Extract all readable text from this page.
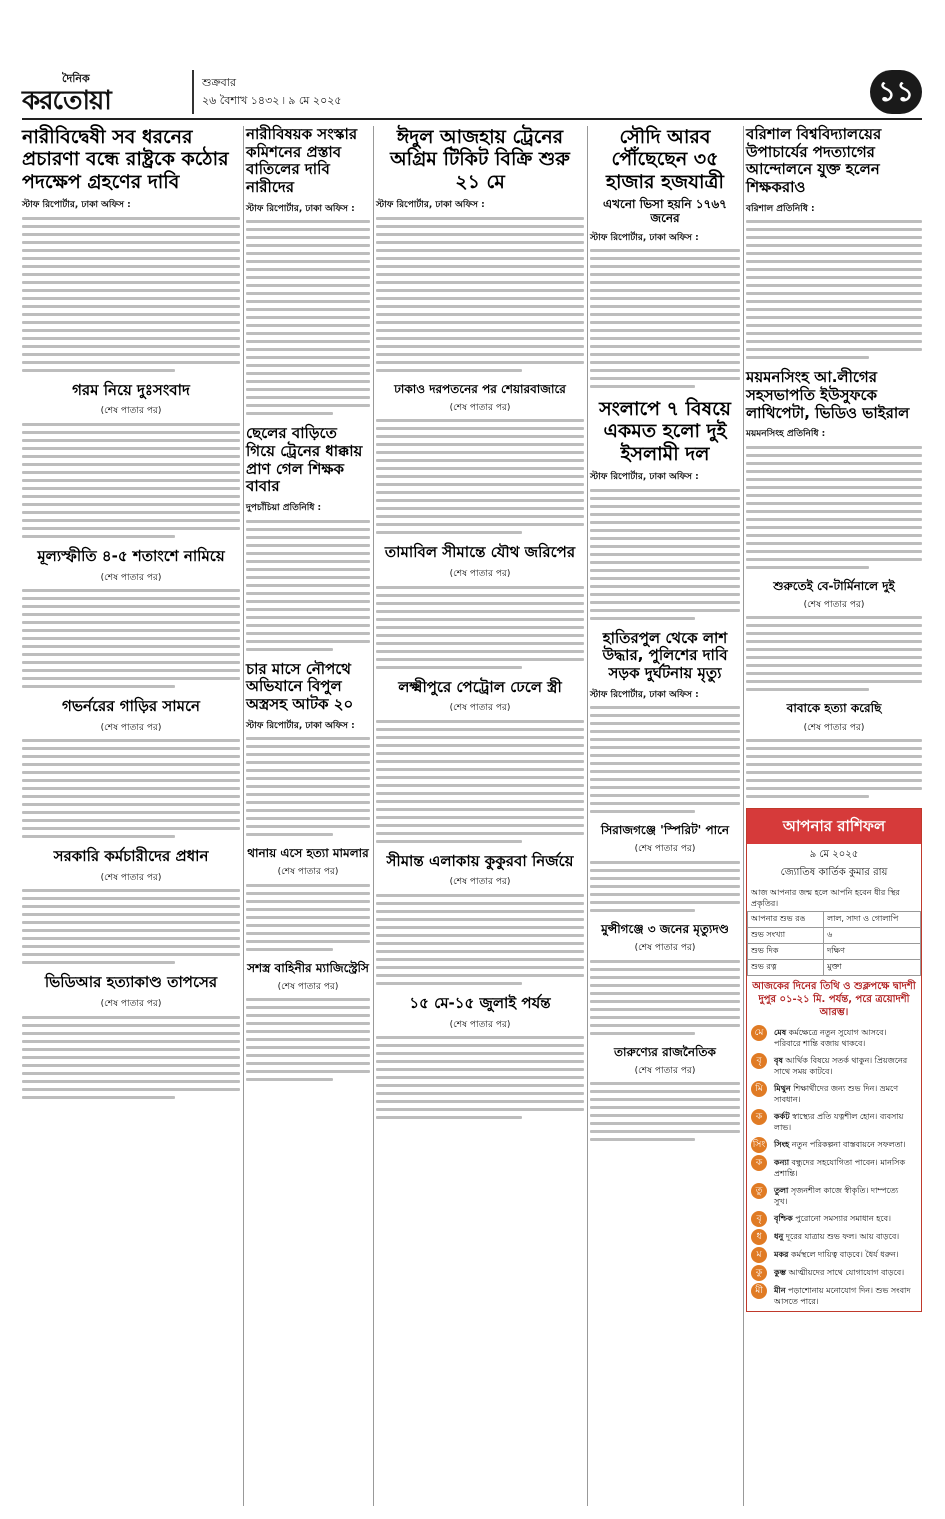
দৈনিক
করতোয়া
শুক্রবার
২৬ বৈশাখ ১৪৩২ ৷ ৯ মে ২০২৫	১১
নারীবিদ্বেষী সব ধরনের প্রচারণা বন্ধে রাষ্ট্রকে কঠোর পদক্ষেপ গ্রহণের দাবি
স্টাফ রিপোর্টার, ঢাকা অফিস :
গরম নিয়ে দুঃসংবাদ
(শেষ পাতার পর)
মূল্যস্ফীতি ৪-৫ শতাংশে নামিয়ে
(শেষ পাতার পর)
গভর্নরের গাড়ির সামনে
(শেষ পাতার পর)
সরকারি কর্মচারীদের প্রধান
(শেষ পাতার পর)
ভিডিআর হত্যাকাণ্ড তাপসের
(শেষ পাতার পর)
নারীবিষয়ক সংস্কার কমিশনের প্রস্তাব বাতিলের দাবি নারীদের
স্টাফ রিপোর্টার, ঢাকা অফিস :
ছেলের বাড়িতে গিয়ে ট্রেনের ধাক্কায় প্রাণ গেল শিক্ষক বাবার
দুপচাঁচিয়া প্রতিনিধি :
চার মাসে নৌপথে অভিযানে বিপুল অস্ত্রসহ আটক ২০
স্টাফ রিপোর্টার, ঢাকা অফিস :
থানায় এসে হত্যা মামলার
(শেষ পাতার পর)
সশস্ত্র বাহিনীর ম্যাজিস্ট্রেসি
(শেষ পাতার পর)
ঈদুল আজহায় ট্রেনের অগ্রিম টিকিট বিক্রি শুরু ২১ মে
স্টাফ রিপোর্টার, ঢাকা অফিস :
ঢাকাও দরপতনের পর শেয়ারবাজারে
(শেষ পাতার পর)
তামাবিল সীমান্তে যৌথ জরিপের
(শেষ পাতার পর)
লক্ষ্মীপুরে পেট্রোল ঢেলে স্ত্রী
(শেষ পাতার পর)
সীমান্ত এলাকায় কুকুরবা নির্জয়ে
(শেষ পাতার পর)
১৫ মে-১৫ জুলাই পর্যন্ত
(শেষ পাতার পর)
সৌদি আরব পৌঁছেছেন ৩৫ হাজার হজযাত্রী
এখনো ভিসা হয়নি ১৭৬৭ জনের
স্টাফ রিপোর্টার, ঢাকা অফিস :
সংলাপে ৭ বিষয়ে একমত হলো দুই ইসলামী দল
স্টাফ রিপোর্টার, ঢাকা অফিস :
হাতিরপুল থেকে লাশ উদ্ধার, পুলিশের দাবি সড়ক দুর্ঘটনায় মৃত্যু
স্টাফ রিপোর্টার, ঢাকা অফিস :
সিরাজগঞ্জে 'স্পিরিট' পানে
(শেষ পাতার পর)
মুন্সীগঞ্জে ৩ জনের মৃত্যুদণ্ড
(শেষ পাতার পর)
তারুণ্যের রাজনৈতিক
(শেষ পাতার পর)
বরিশাল বিশ্ববিদ্যালয়ের উপাচার্যের পদত্যাগের আন্দোলনে যুক্ত হলেন শিক্ষকরাও
বরিশাল প্রতিনিধি :
ময়মনসিংহ আ.লীগের সহসভাপতি ইউসুফকে লাথিপেটা, ভিডিও ভাইরাল
ময়মনসিংহ প্রতিনিধি :
শুরুতেই বে-টার্মিনালে দুই
(শেষ পাতার পর)
বাবাকে হত্যা করেছি
(শেষ পাতার পর)
আপনার রাশিফল
৯ মে ২০২৫
জ্যোতিষ কার্তিক কুমার রায়
আজ আপনার জন্ম হলে আপনি হবেন ধীর স্থির প্রকৃতির।
আপনার শুভ রঙ	লাল, সাদা ও গোলাপি
শুভ সংখ্যা	৬
শুভ দিক	দক্ষিণ
শুভ রত্ন	মুক্তা
আজকের দিনের তিথি ও শুক্লপক্ষে দ্বাদশী দুপুর ০১-২১ মি. পর্যন্ত, পরে ত্রয়োদশী আরম্ভ।
মে	মেষ কর্মক্ষেত্রে নতুন সুযোগ আসবে। পরিবারে শান্তি বজায় থাকবে।
বৃ	বৃষ আর্থিক বিষয়ে সতর্ক থাকুন। প্রিয়জনের সাথে সময় কাটবে।
মি	মিথুন শিক্ষার্থীদের জন্য শুভ দিন। ভ্রমণে সাবধান।
ক	কর্কট স্বাস্থ্যের প্রতি যত্নশীল হোন। ব্যবসায় লাভ।
সিং	সিংহ নতুন পরিকল্পনা বাস্তবায়নে সফলতা।
ক	কন্যা বন্ধুদের সহযোগিতা পাবেন। মানসিক প্রশান্তি।
তু	তুলা সৃজনশীল কাজে স্বীকৃতি। দাম্পত্যে সুখ।
বৃ	বৃশ্চিক পুরোনো সমস্যার সমাধান হবে।
ধ	ধনু দূরের যাত্রায় শুভ ফল। আয় বাড়বে।
ম	মকর কর্মস্থলে দায়িত্ব বাড়বে। ধৈর্য ধরুন।
কু	কুম্ভ আত্মীয়দের সাথে যোগাযোগ বাড়বে।
মী	মীন পড়াশোনায় মনোযোগ দিন। শুভ সংবাদ আসতে পারে।
